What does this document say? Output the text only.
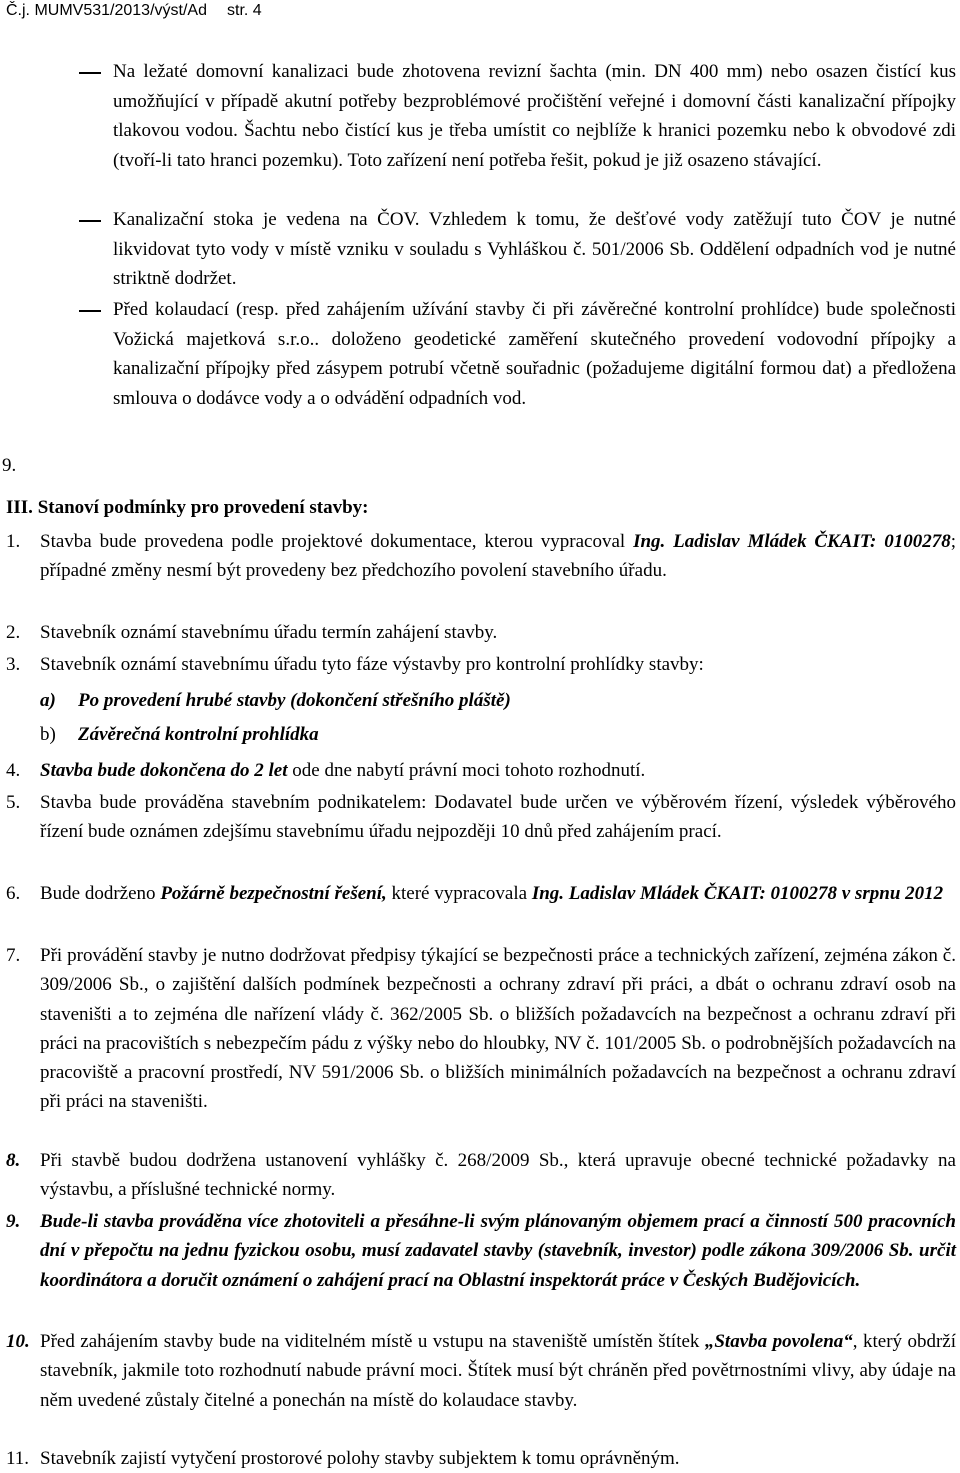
Č.j. MUMV531/2013/výst/Ad str. 4
Na ležaté domovní kanalizaci bude zhotovena revizní šachta (min. DN 400 mm) nebo osazen čistící kus umožňující v případě akutní potřeby bezproblémové pročištění veřejné i domovní části kanalizační přípojky tlakovou vodou. Šachtu nebo čistící kus je třeba umístit co nejblíže k hranici pozemku nebo k obvodové zdi (tvoří-li tato hranci pozemku). Toto zařízení není potřeba řešit, pokud je již osazeno stávající.
Kanalizační stoka je vedena na ČOV. Vzhledem k tomu, že dešťové vody zatěžují tuto ČOV je nutné likvidovat tyto vody v místě vzniku v souladu s Vyhláškou č. 501/2006 Sb. Oddělení odpadních vod je nutné striktně dodržet.
Před kolaudací (resp. před zahájením užívání stavby či při závěrečné kontrolní prohlídce) bude společnosti Vožická majetková s.r.o.. doloženo geodetické zaměření skutečného provedení vodovodní přípojky a kanalizační přípojky před zásypem potrubí včetně souřadnic (požadujeme digitální formou dat) a předložena smlouva o dodávce vody a o odvádění odpadních vod.
9.
III. Stanoví podmínky pro provedení stavby:
1. Stavba bude provedena podle projektové dokumentace, kterou vypracoval Ing. Ladislav Mládek ČKAIT: 0100278; případné změny nesmí být provedeny bez předchozího povolení stavebního úřadu.
2. Stavebník oznámí stavebnímu úřadu termín zahájení stavby.
3. Stavebník oznámí stavebnímu úřadu tyto fáze výstavby pro kontrolní prohlídky stavby:
a) Po provedení hrubé stavby (dokončení střešního pláště)
b) Závěrečná kontrolní prohlídka
4. Stavba bude dokončena do 2 let ode dne nabytí právní moci tohoto rozhodnutí.
5. Stavba bude prováděna stavebním podnikatelem: Dodavatel bude určen ve výběrovém řízení, výsledek výběrového řízení bude oznámen zdejšímu stavebnímu úřadu nejpozději 10 dnů před zahájením prací.
6. Bude dodrženo Požárně bezpečnostní řešení, které vypracovala Ing. Ladislav Mládek ČKAIT: 0100278 v srpnu 2012
7. Při provádění stavby je nutno dodržovat předpisy týkající se bezpečnosti práce a technických zařízení, zejména zákon č. 309/2006 Sb., o zajištění dalších podmínek bezpečnosti a ochrany zdraví při práci, a dbát o ochranu zdraví osob na staveništi a to zejména dle nařízení vlády č. 362/2005 Sb. o bližších požadavcích na bezpečnost a ochranu zdraví při práci na pracovištích s nebezpečím pádu z výšky nebo do hloubky, NV č. 101/2005 Sb. o podrobnějších požadavcích na pracoviště a pracovní prostředí, NV 591/2006 Sb. o bližších minimálních požadavcích na bezpečnost a ochranu zdraví při práci na staveništi.
8. Při stavbě budou dodržena ustanovení vyhlášky č. 268/2009 Sb., která upravuje obecné technické požadavky na výstavbu, a příslušné technické normy.
9. Bude-li stavba prováděna více zhotoviteli a přesáhne-li svým plánovaným objemem prací a činností 500 pracovních dní v přepočtu na jednu fyzickou osobu, musí zadavatel stavby (stavebník, investor) podle zákona 309/2006 Sb. určit koordinátora a doručit oznámení o zahájení prací na Oblastní inspektorát práce v Českých Budějovicích.
10. Před zahájením stavby bude na viditelném místě u vstupu na staveniště umístěn štítek „Stavba povolena“, který obdrží stavebník, jakmile toto rozhodnutí nabude právní moci. Štítek musí být chráněn před povětrnostními vlivy, aby údaje na něm uvedené zůstaly čitelné a ponechán na místě do kolaudace stavby.
11. Stavebník zajistí vytyčení prostorové polohy stavby subjektem k tomu oprávněným.
